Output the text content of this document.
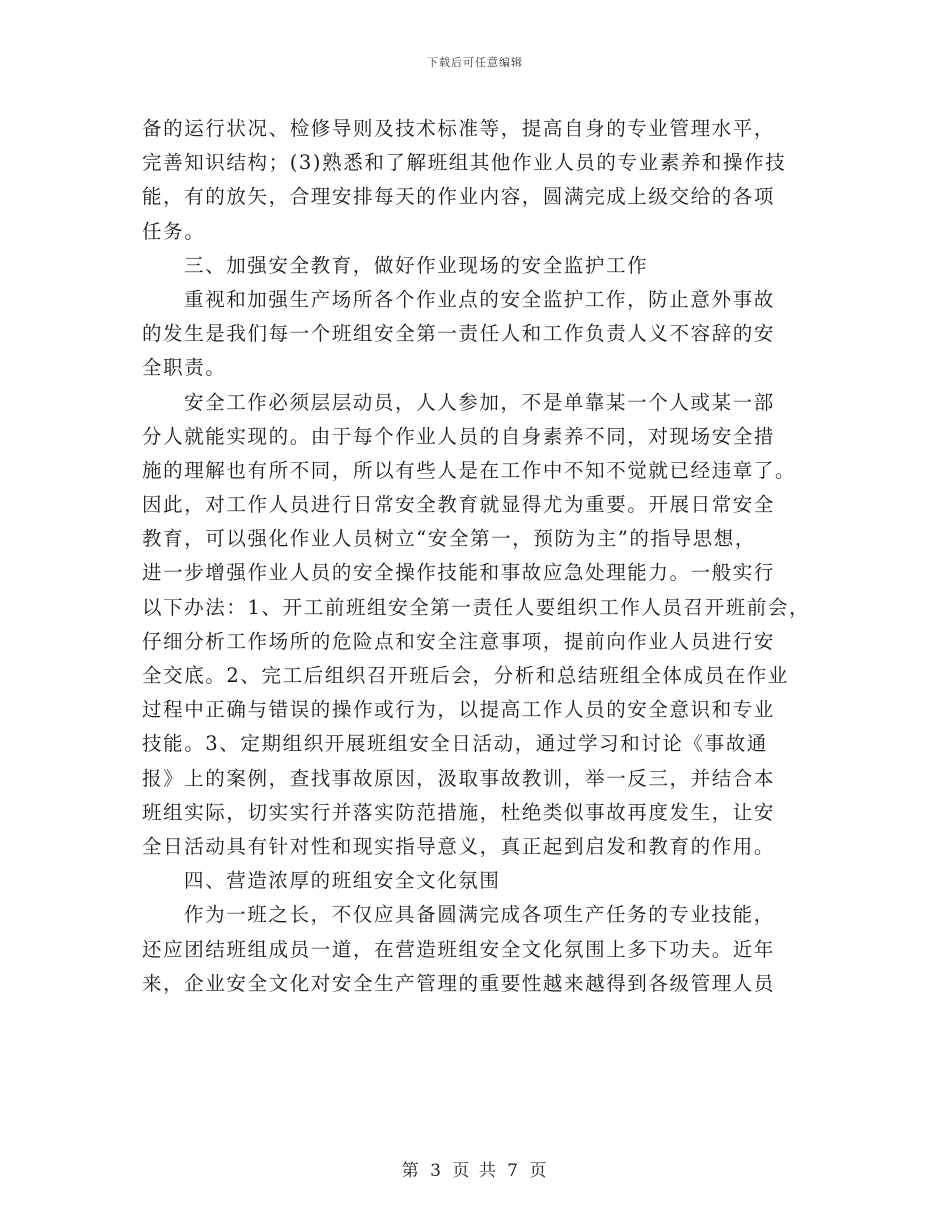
下载后可任意编辑
备的运行状况、检修导则及技术标准等，提高自身的专业管理水平，
完善知识结构；(3)熟悉和了解班组其他作业人员的专业素养和操作技
能，有的放矢，合理安排每天的作业内容，圆满完成上级交给的各项
任务。
三、加强安全教育，做好作业现场的安全监护工作
重视和加强生产场所各个作业点的安全监护工作，防止意外事故
的发生是我们每一个班组安全第一责任人和工作负责人义不容辞的安
全职责。
安全工作必须层层动员，人人参加，不是单靠某一个人或某一部
分人就能实现的。由于每个作业人员的自身素养不同，对现场安全措
施的理解也有所不同，所以有些人是在工作中不知不觉就已经违章了。
因此，对工作人员进行日常安全教育就显得尤为重要。开展日常安全
教育，可以强化作业人员树立“安全第一，预防为主”的指导思想，
进一步增强作业人员的安全操作技能和事故应急处理能力。一般实行
以下办法：1、开工前班组安全第一责任人要组织工作人员召开班前会，
仔细分析工作场所的危险点和安全注意事项，提前向作业人员进行安
全交底。2、完工后组织召开班后会，分析和总结班组全体成员在作业
过程中正确与错误的操作或行为，以提高工作人员的安全意识和专业
技能。3、定期组织开展班组安全日活动，通过学习和讨论《事故通
报》上的案例，查找事故原因，汲取事故教训，举一反三，并结合本
班组实际，切实实行并落实防范措施，杜绝类似事故再度发生，让安
全日活动具有针对性和现实指导意义，真正起到启发和教育的作用。
四、营造浓厚的班组安全文化氛围
作为一班之长，不仅应具备圆满完成各项生产任务的专业技能，
还应团结班组成员一道，在营造班组安全文化氛围上多下功夫。近年
来，企业安全文化对安全生产管理的重要性越来越得到各级管理人员
第 3 页 共 7 页
